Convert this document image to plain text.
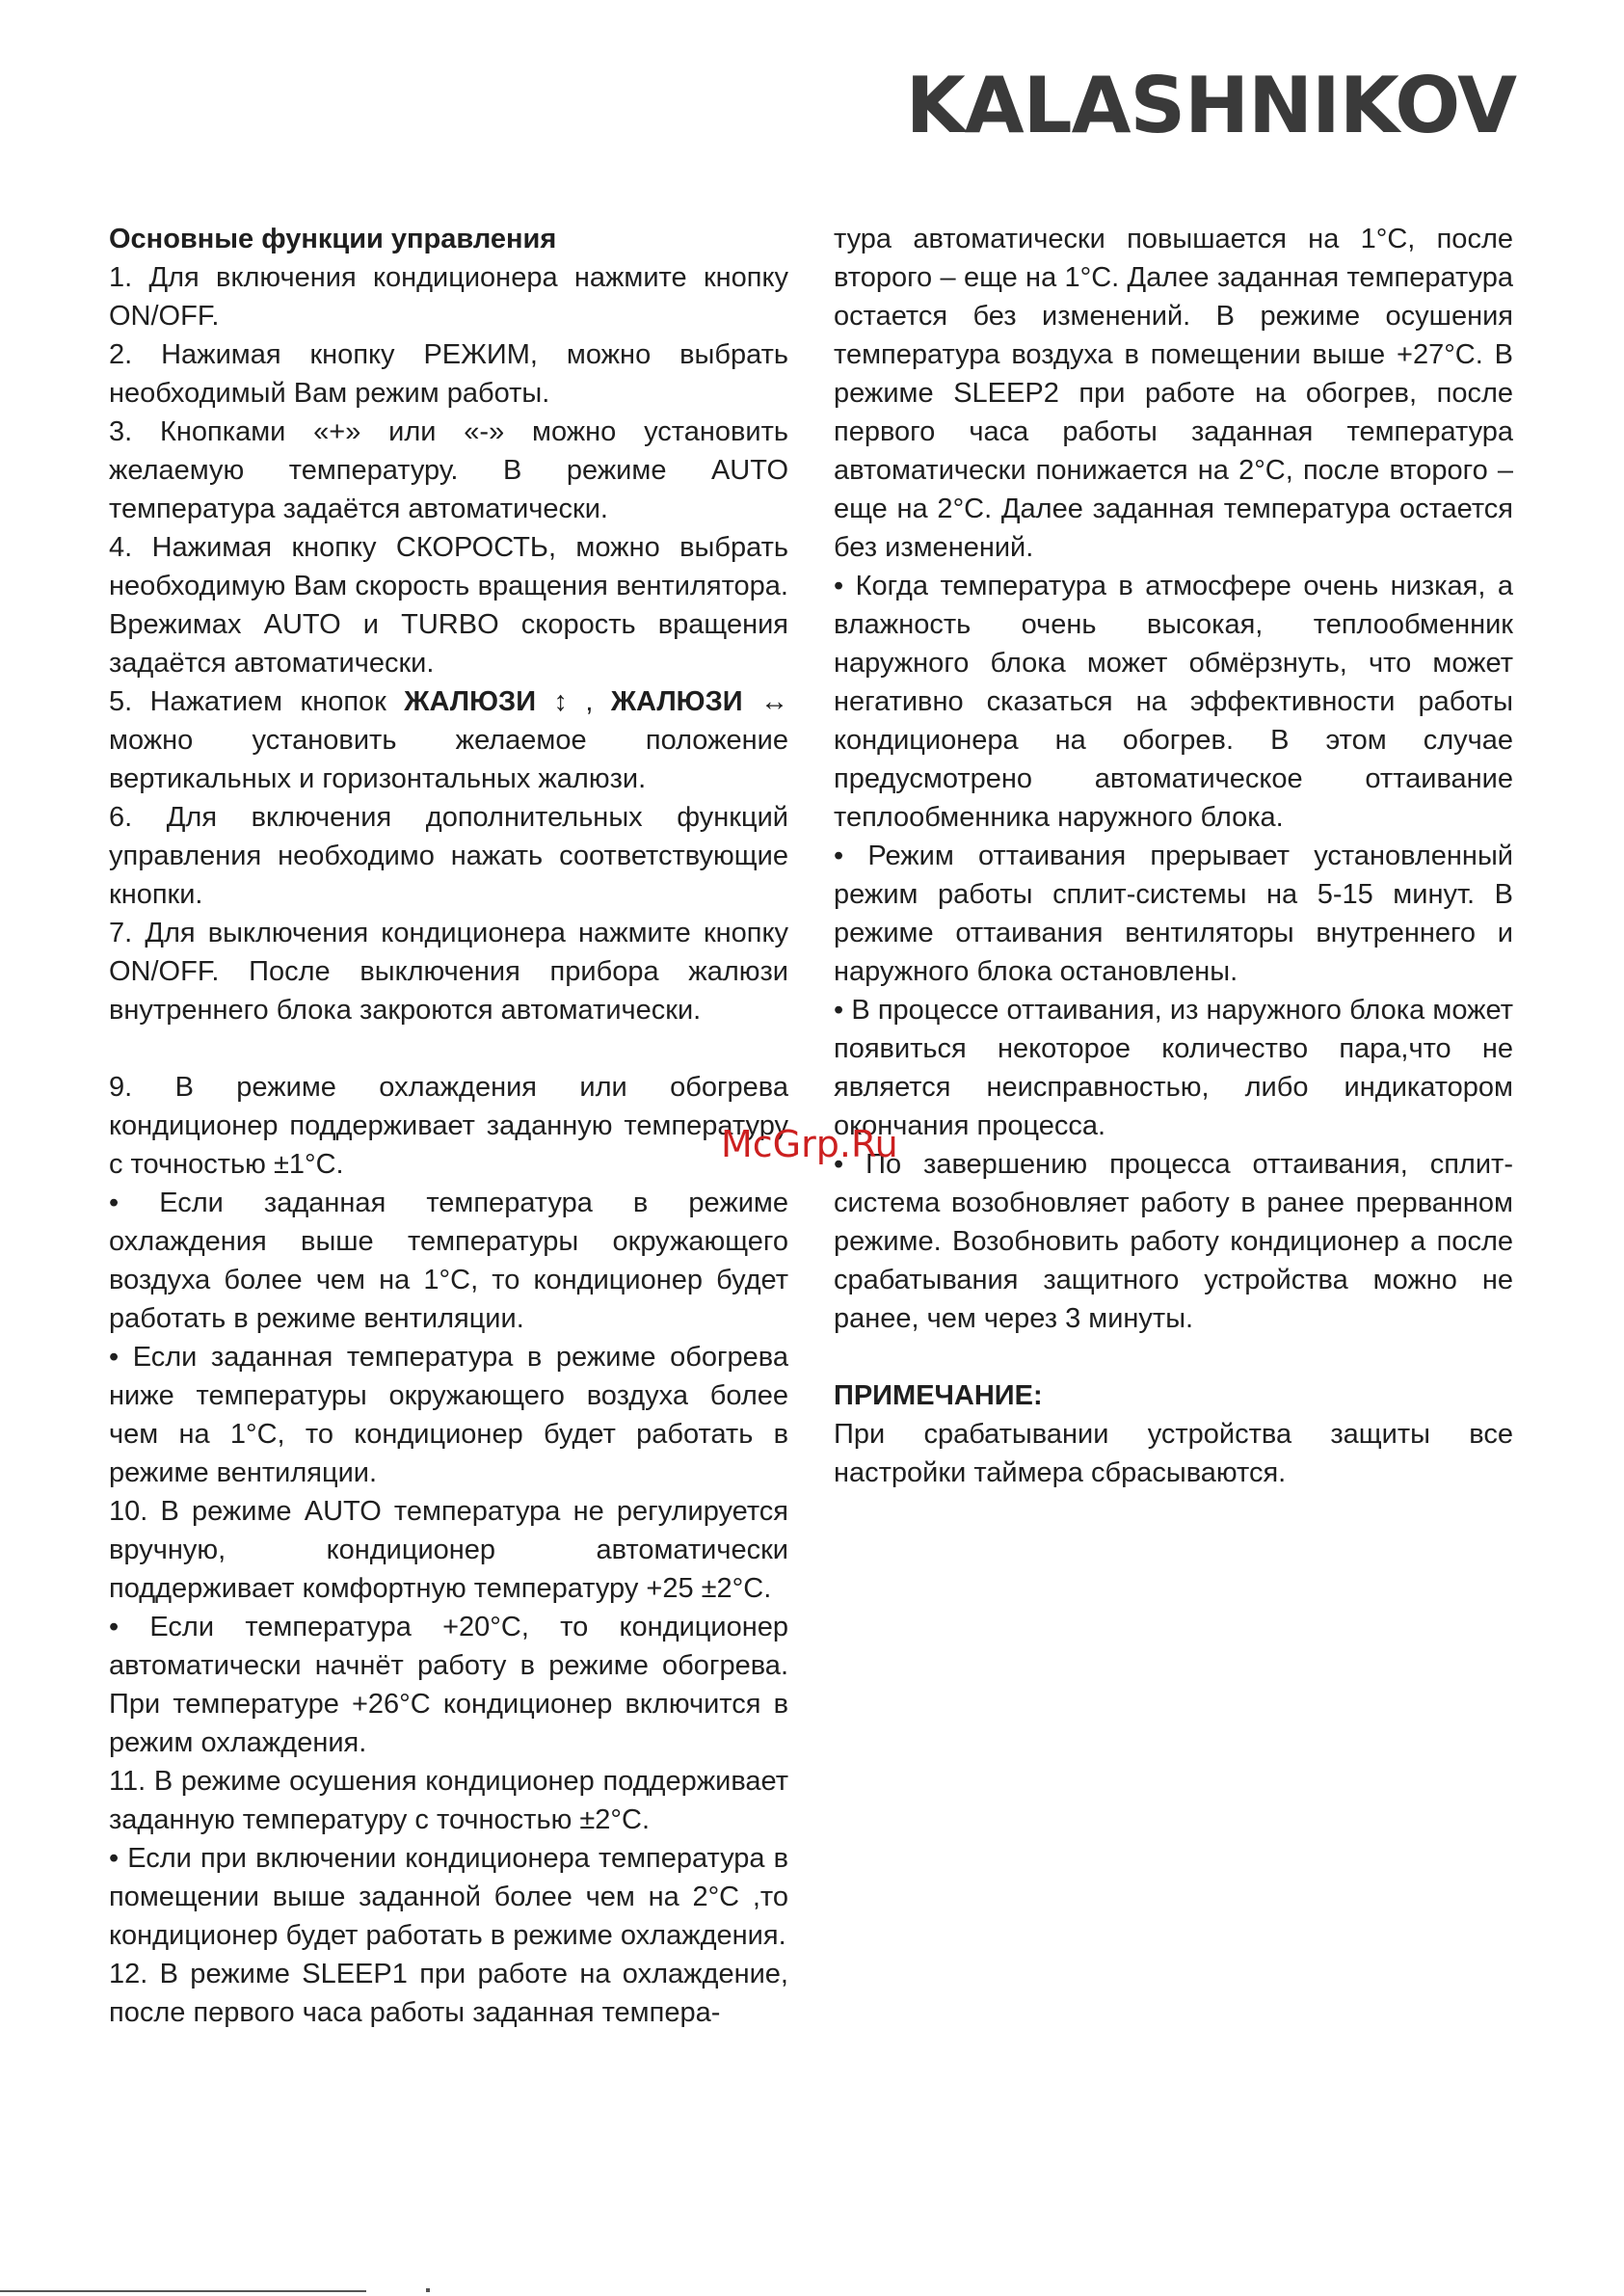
KALASHNIKOV

Основные функции управления

1. Для включения кондиционера нажмите кнопку ON/OFF.

2. Нажимая кнопку РЕЖИМ, можно выбрать необходимый Вам режим работы.

3. Кнопками «+» или «-» можно установить желаемую температуру. В режиме AUTO температура задаётся автоматически.

4. Нажимая кнопку СКОРОСТЬ, можно выбрать необходимую Вам скорость вращения вентилятора. Врежимах AUTO и TURBO скорость вращения задаётся автоматически.

5. Нажатием кнопок ЖАЛЮЗИ ↕ , ЖАЛЮЗИ ↔ можно установить желаемое положение вертикальных и горизонтальных жалюзи.

6. Для включения дополнительных функций управления необходимо нажать соответствующие кнопки.

7. Для выключения кондиционера нажмите кнопку ON/OFF. После выключения прибора жалюзи внутреннего блока закроются автоматически.

9. В режиме охлаждения или обогрева кондиционер поддерживает заданную температуру с точностью ±1°С.

• Если заданная температура в режиме охлаждения выше температуры окружающего воздуха более чем на 1°С, то кондиционер будет работать в режиме вентиляции.

• Если заданная температура в режиме обогрева ниже температуры окружающего воздуха более чем на 1°С, то кондиционер будет работать в режиме вентиляции.

10. В режиме AUTO температура не регулируется вручную, кондиционер автоматически поддерживает комфортную температуру +25 ±2°С.

• Если температура +20°С, то кондиционер автоматически начнёт работу в режиме обогрева. При температуре +26°С кондиционер включится в режим охлаждения.

11. В режиме осушения кондиционер поддерживает заданную температуру с точностью ±2°С.

• Если при включении кондиционера температура в помещении выше заданной более чем на 2°С ,то кондиционер будет работать в режиме охлаждения.

12. В режиме SLEEP1 при работе на охлаждение, после первого часа работы заданная темпера-

тура автоматически повышается на 1°С, после второго – еще на 1°С. Далее заданная температура остается без изменений. В режиме осушения температура воздуха в помещении выше +27°С. В режиме SLEEP2 при работе на обогрев, после первого часа работы заданная температура автоматически понижается на 2°С, после второго – еще на 2°С. Далее заданная температура остается без изменений.

• Когда температура в атмосфере очень низкая, а влажность очень высокая, теплообменник наружного блока может обмёрзнуть, что может негативно сказаться на эффективности работы кондиционера на обогрев. В этом случае предусмотрено автоматическое оттаивание теплообменника наружного блока.

• Режим оттаивания прерывает установленный режим работы сплит-системы на 5-15 минут. В режиме оттаивания вентиляторы внутреннего и наружного блока остановлены.

• В процессе оттаивания, из наружного блока может появиться некоторое количество пара,что не является неисправностью, либо индикатором окончания процесса.

• По завершению процесса оттаивания, сплит-система возобновляет работу в ранее прерванном режиме. Возобновить работу кондиционер а после срабатывания защитного устройства можно не ранее, чем через 3 минуты.

ПРИМЕЧАНИЕ:

При срабатывании устройства защиты все настройки таймера сбрасываются.

McGrp.Ru
